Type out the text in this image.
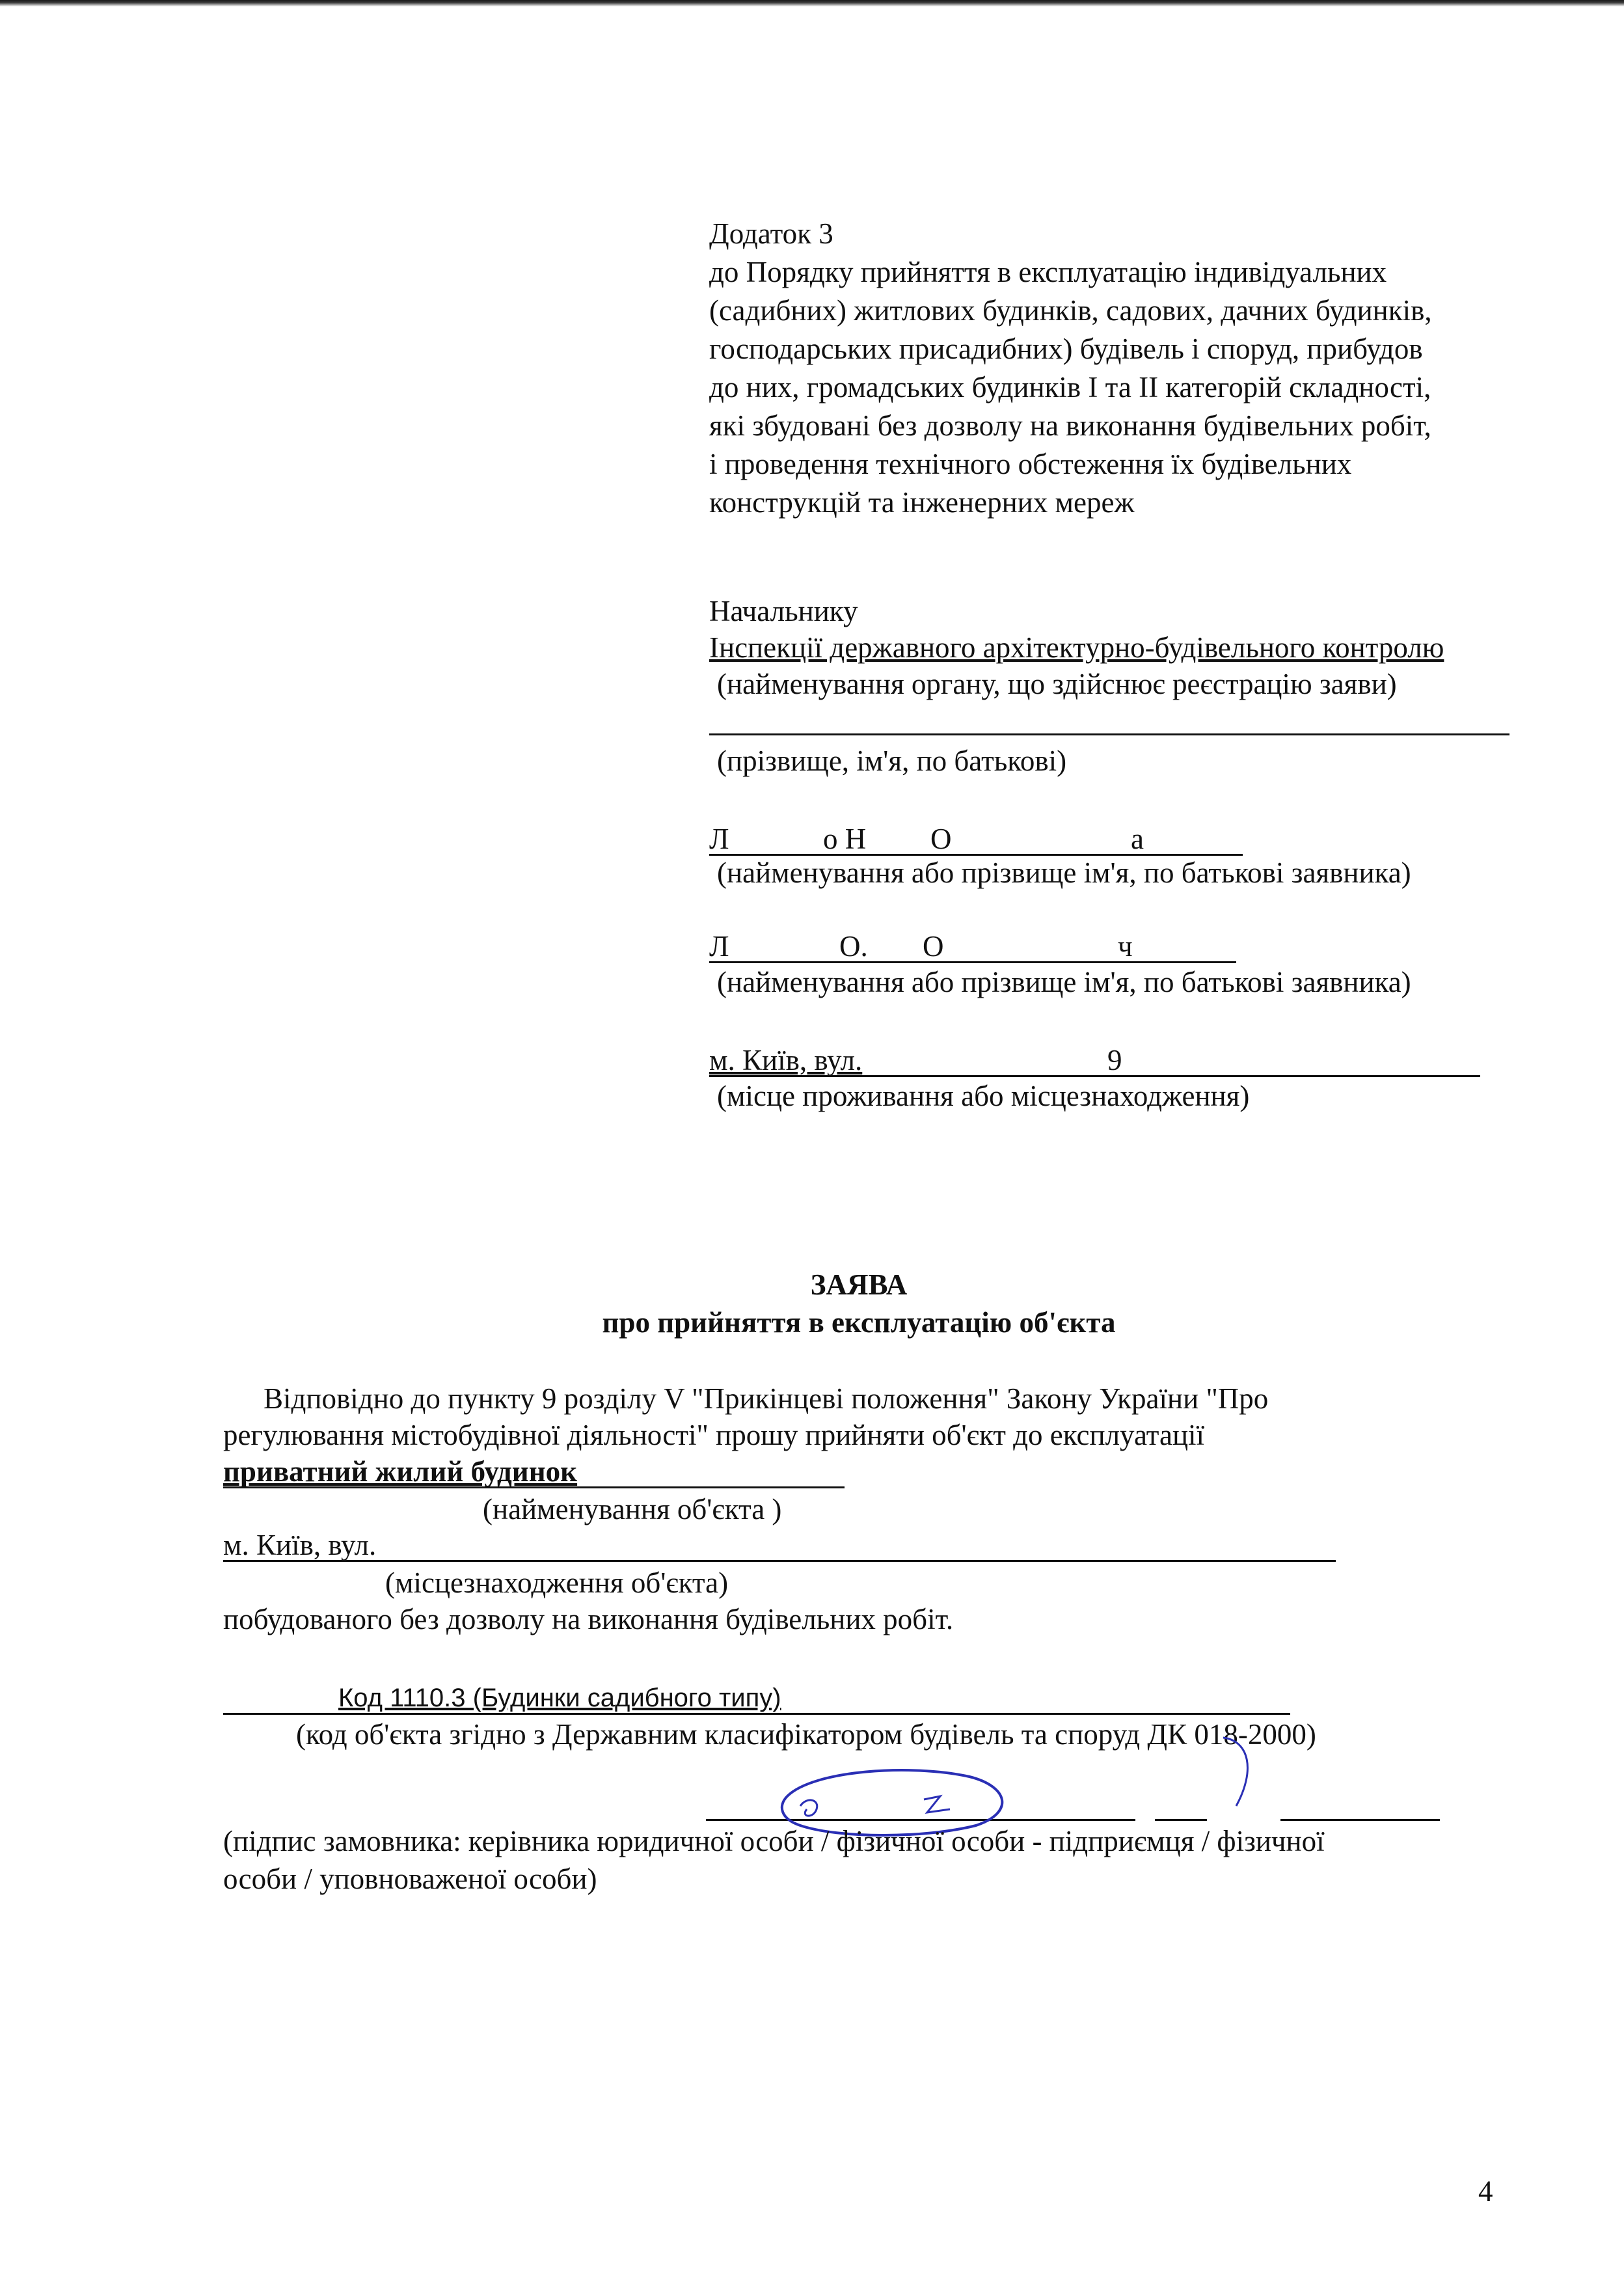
Додаток 3
до Порядку прийняття в експлуатацію індивідуальних
(садибних) житлових будинків, садових, дачних будинків,
господарських присадибних) будівель і споруд, прибудов
до них, громадських будинків І та ІІ категорій складності,
які збудовані без дозволу на виконання будівельних робіт,
і проведення технічного обстеження їх будівельних
конструкцій та інженерних мереж
Начальнику
Інспекції державного архітектурно-будівельного контролю
(найменування органу, що здійснює реєстрацію заяви)
(прізвище, ім'я, по батькові)
Л	о Н О	а
(найменування або прізвище ім'я, по батькові заявника)
Л	О. О	ч
(найменування або прізвище ім'я, по батькові заявника)
м. Київ, вул.	9
(місце проживання або місцезнаходження)
ЗАЯВА
про прийняття в експлуатацію об'єкта
Відповідно до пункту 9 розділу V "Прикінцеві положення" Закону України "Про
регулювання містобудівної діяльності" прошу прийняти об'єкт до експлуатації
приватний жилий будинок
(найменування об'єкта )
м. Київ, вул.
(місцезнаходження об'єкта)
побудованого без дозволу на виконання будівельних робіт.
Код 1110.3 (Будинки садибного типу)
(код об'єкта згідно з Державним класифікатором будівель та споруд ДК 018-2000)
(підпис замовника: керівника юридичної особи / фізичної особи - підприємця / фізичної
особи / уповноваженої особи)
4
